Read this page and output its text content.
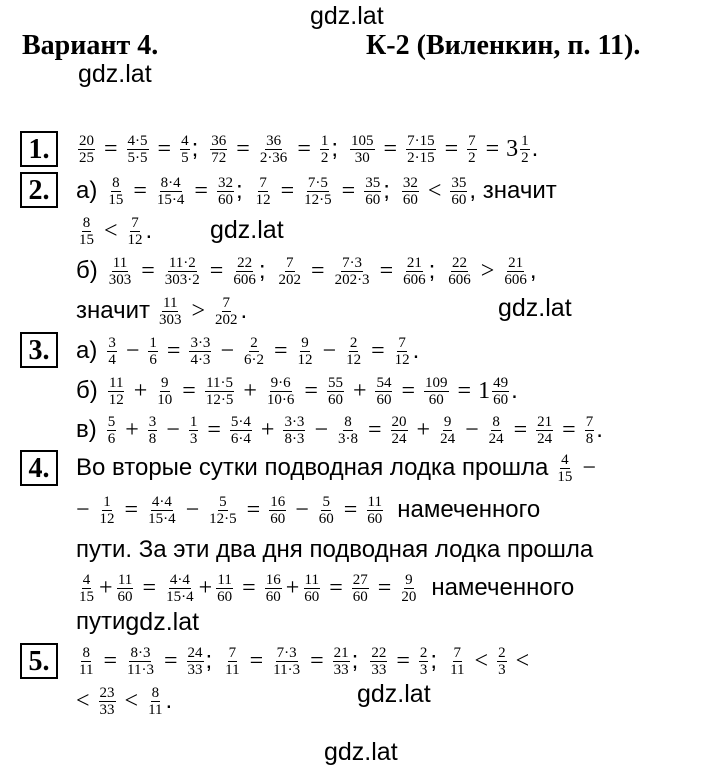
gdz.lat
gdz.lat
gdz.lat
gdz.lat
gdz.lat
gdz.lat
Вариант 4.	К-2 (Виленкин, п. 11).
1.	$\frac{20}{25} = \frac{4\cdot 5}{5\cdot 5} = \frac{4}{5}$ ; $\frac{36}{72} = \frac{36}{2\cdot 36} = \frac{1}{2}$ ; $\frac{105}{30} = \frac{7\cdot 15}{2\cdot 15} = \frac{7}{2} = 3$ 1
2 .
2.	$а) \frac{8}{15} = \frac{8\cdot 4}{15\cdot 4} = \frac{32}{60}$ ; $\frac{7}{12} = \frac{7\cdot 5}{12\cdot 5} = \frac{35}{60}$ ; 32
60 < 35
60 , значит
8
15 < 7
12 .
$б) \frac{11}{303} = \frac{11\cdot 2}{303\cdot 2} = \frac{22}{606}$ ; $\frac{7}{202} = \frac{7\cdot 3}{202\cdot 3} = \frac{21}{606}$ ; 22
606 > 21
606 ,
значит 11
303 > 7
202 .
3.	а) 3
$4 - \frac{1}{6} = \frac{3\cdot 3}{4\cdot 3} - \frac{2}{6\cdot 2} = \frac{9}{12} - \frac{2}{12} = \frac{7}{12}$ .
б) 11
$12 + \frac{9}{10} = \frac{11\cdot 5}{12\cdot 5} + \frac{9\cdot 6}{10\cdot 6} = \frac{55}{60} + \frac{54}{60} = \frac{109}{60} = 1$ 49
60 .
в) 5
$6 + \frac{3}{8} - \frac{1}{3} = \frac{5\cdot 4}{6\cdot 4} + \frac{3\cdot 3}{8\cdot 3} - \frac{8}{3\cdot 8} = \frac{20}{24} + \frac{9}{24} - \frac{8}{24} = \frac{21}{24} = \frac{7}{8}$ .
4.	Во вторые сутки подводная лодка прошла 4
15 −
− $\frac{1}{12} = \frac{4\cdot 4}{15\cdot 4} - \frac{5}{12\cdot 5} = \frac{16}{60} - \frac{5}{60} = \frac{11}{60}$ намеченного
пути. За эти два дня подводная лодка прошла
4
$15 + \frac{11}{60} = \frac{4\cdot 4}{15\cdot 4} + \frac{11}{60} = \frac{16}{60} + \frac{11}{60} = \frac{27}{60} = \frac{9}{20}$ намеченного
пути gdz.lat
5.	$\frac{8}{11} = \frac{8\cdot 3}{11\cdot 3} = \frac{24}{33}$ ; $\frac{7}{11} = \frac{7\cdot 3}{11\cdot 3} = \frac{21}{33}$ ; $\frac{22}{33} = \frac{2}{3}$ ; 7
11 < 2
3 <
< 23
33 < 8
11 .
